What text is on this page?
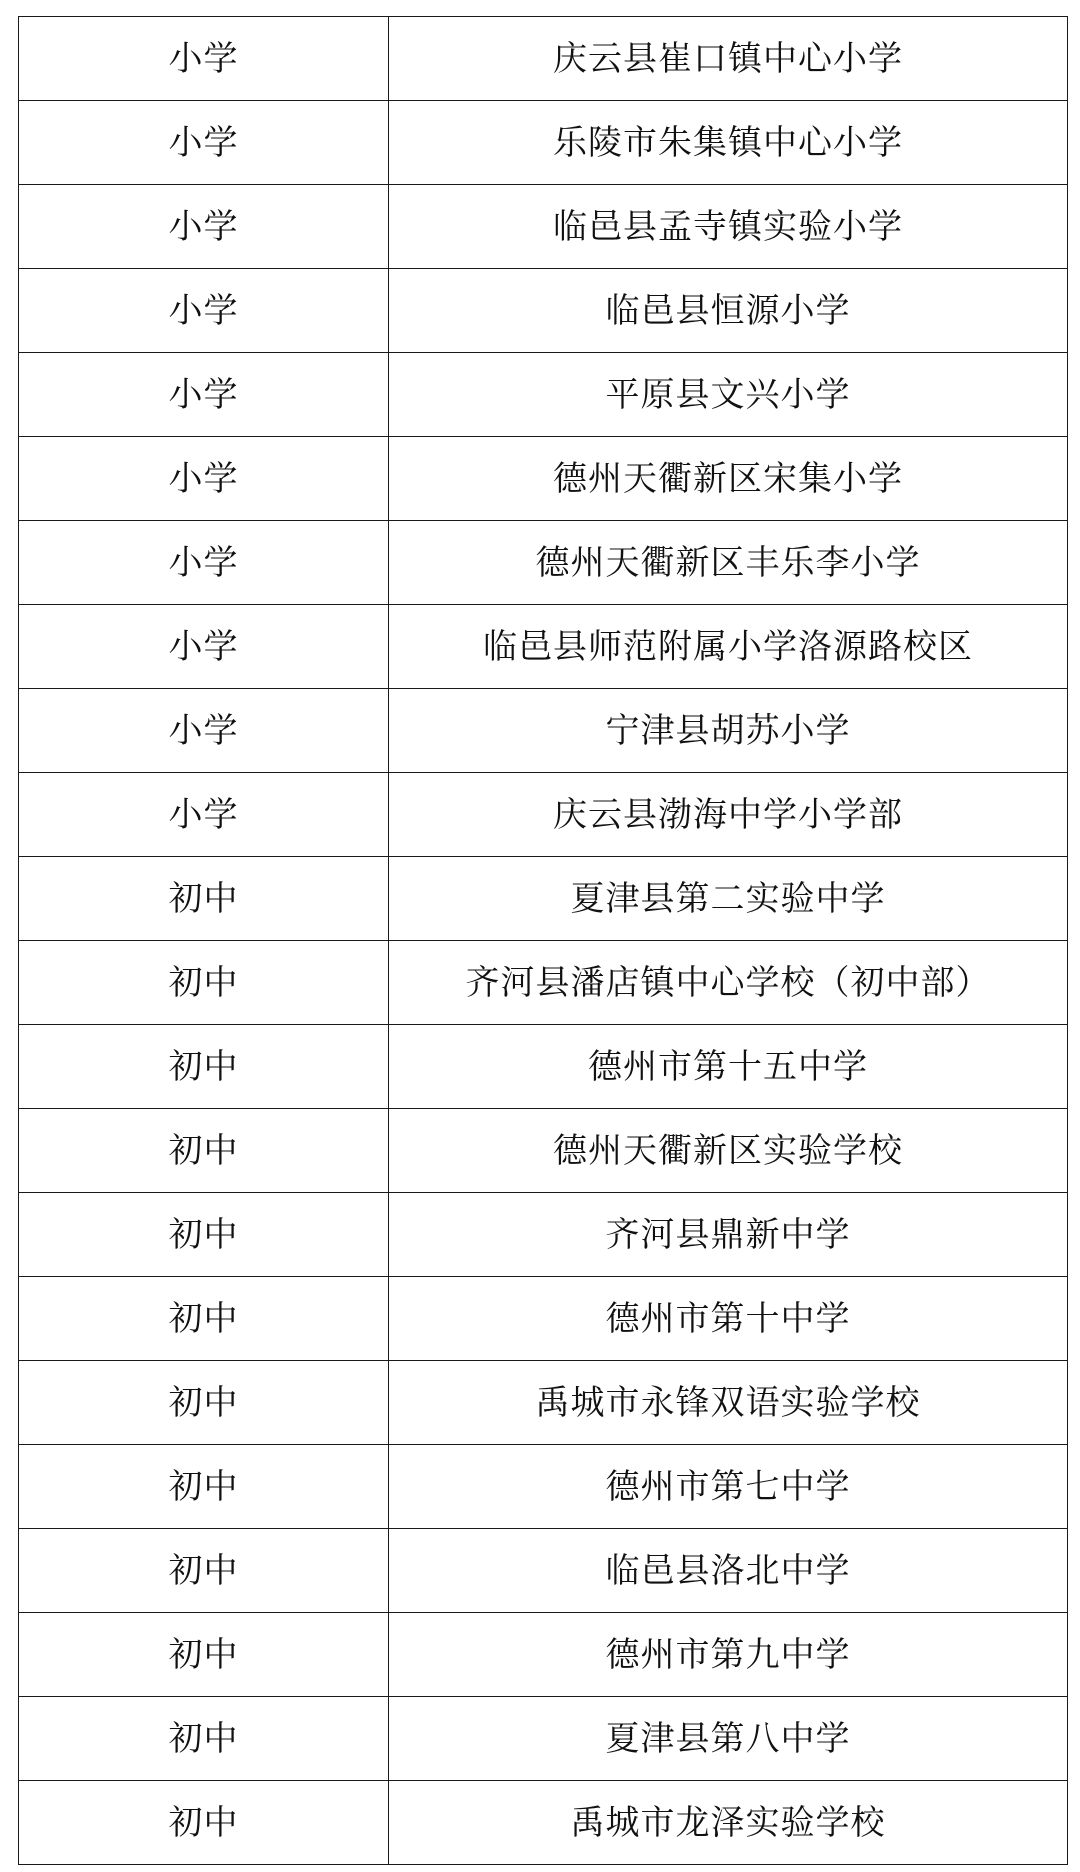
小学	庆云县崔口镇中心小学
小学	乐陵市朱集镇中心小学
小学	临邑县孟寺镇实验小学
小学	临邑县恒源小学
小学	平原县文兴小学
小学	德州天衢新区宋集小学
小学	德州天衢新区丰乐李小学
小学	临邑县师范附属小学洛源路校区
小学	宁津县胡苏小学
小学	庆云县渤海中学小学部
初中	夏津县第二实验中学
初中	齐河县潘店镇中心学校（初中部）
初中	德州市第十五中学
初中	德州天衢新区实验学校
初中	齐河县鼎新中学
初中	德州市第十中学
初中	禹城市永锋双语实验学校
初中	德州市第七中学
初中	临邑县洛北中学
初中	德州市第九中学
初中	夏津县第八中学
初中	禹城市龙泽实验学校
